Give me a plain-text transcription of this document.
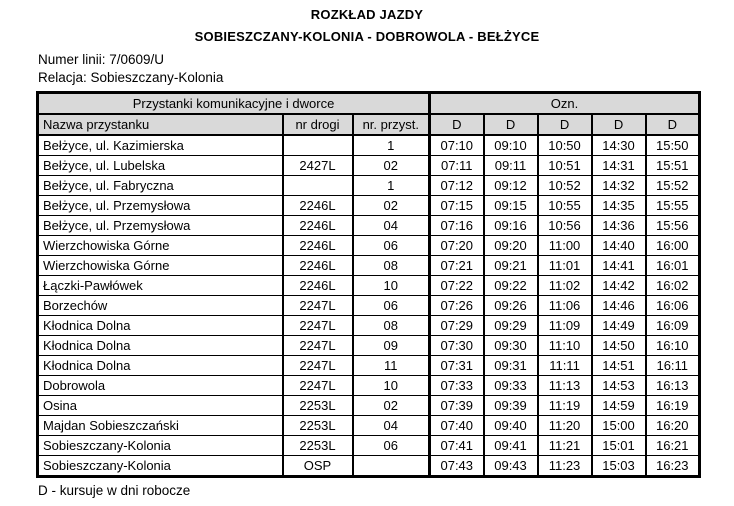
ROZKŁAD JAZDY
SOBIESZCZANY-KOLONIA - DOBROWOLA - BEŁŻYCE
Numer linii: 7/0609/U
Relacja: Sobieszczany-Kolonia
Przystanki komunikacyjne i dworce			Ozn.				
Nazwa przystanku	nr drogi	nr. przyst.	D	D	D	D	D
Bełżyce, ul. Kazimierska		1	07:10	09:10	10:50	14:30	15:50
Bełżyce, ul. Lubelska	2427L	02	07:11	09:11	10:51	14:31	15:51
Bełżyce, ul. Fabryczna		1	07:12	09:12	10:52	14:32	15:52
Bełżyce, ul. Przemysłowa	2246L	02	07:15	09:15	10:55	14:35	15:55
Bełżyce, ul. Przemysłowa	2246L	04	07:16	09:16	10:56	14:36	15:56
Wierzchowiska Górne	2246L	06	07:20	09:20	11:00	14:40	16:00
Wierzchowiska Górne	2246L	08	07:21	09:21	11:01	14:41	16:01
Łączki-Pawłówek	2246L	10	07:22	09:22	11:02	14:42	16:02
Borzechów	2247L	06	07:26	09:26	11:06	14:46	16:06
Kłodnica Dolna	2247L	08	07:29	09:29	11:09	14:49	16:09
Kłodnica Dolna	2247L	09	07:30	09:30	11:10	14:50	16:10
Kłodnica Dolna	2247L	11	07:31	09:31	11:11	14:51	16:11
Dobrowola	2247L	10	07:33	09:33	11:13	14:53	16:13
Osina	2253L	02	07:39	09:39	11:19	14:59	16:19
Majdan Sobieszczański	2253L	04	07:40	09:40	11:20	15:00	16:20
Sobieszczany-Kolonia	2253L	06	07:41	09:41	11:21	15:01	16:21
Sobieszczany-Kolonia	OSP		07:43	09:43	11:23	15:03	16:23
D - kursuje w dni robocze
